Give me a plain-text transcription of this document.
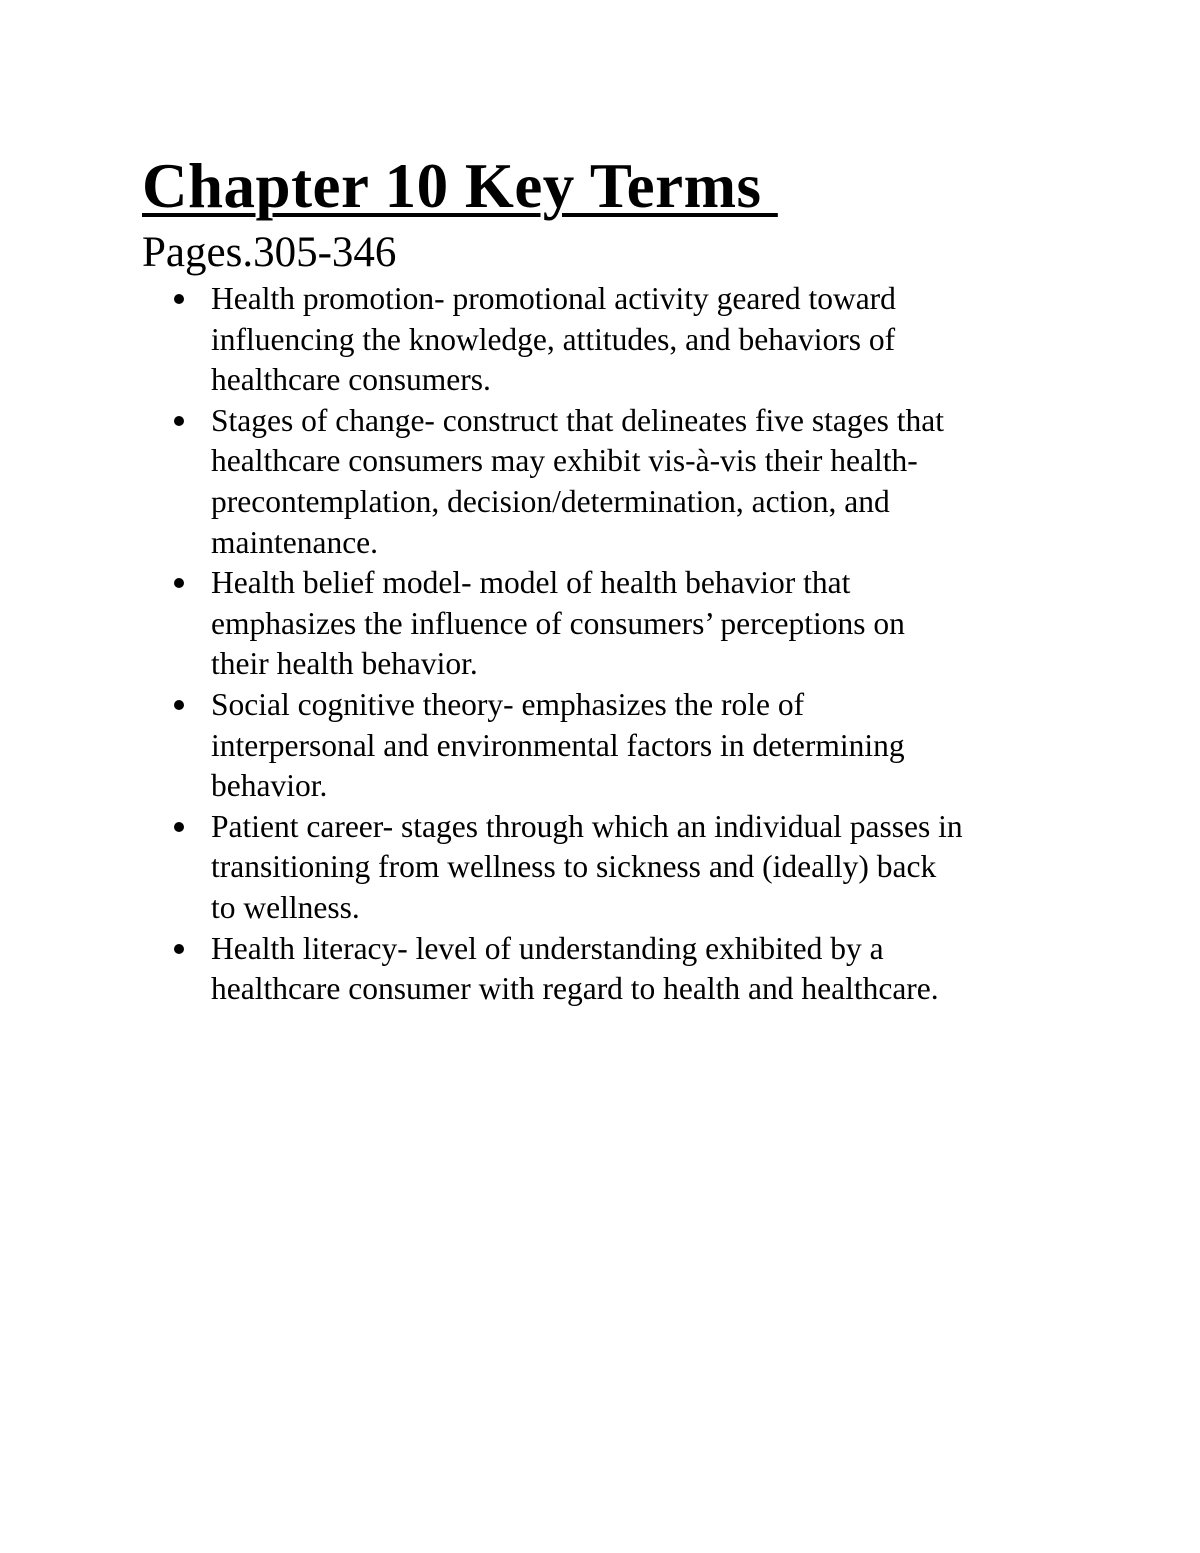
Chapter 10 Key Terms
Pages.305-346
Health promotion- promotional activity geared toward
influencing the knowledge, attitudes, and behaviors of
healthcare consumers.
Stages of change- construct that delineates five stages that
healthcare consumers may exhibit vis-à-vis their health-
precontemplation, decision/determination, action, and
maintenance.
Health belief model- model of health behavior that
emphasizes the influence of consumers’ perceptions on
their health behavior.
Social cognitive theory- emphasizes the role of
interpersonal and environmental factors in determining
behavior.
Patient career- stages through which an individual passes in
transitioning from wellness to sickness and (ideally) back
to wellness.
Health literacy- level of understanding exhibited by a
healthcare consumer with regard to health and healthcare.
